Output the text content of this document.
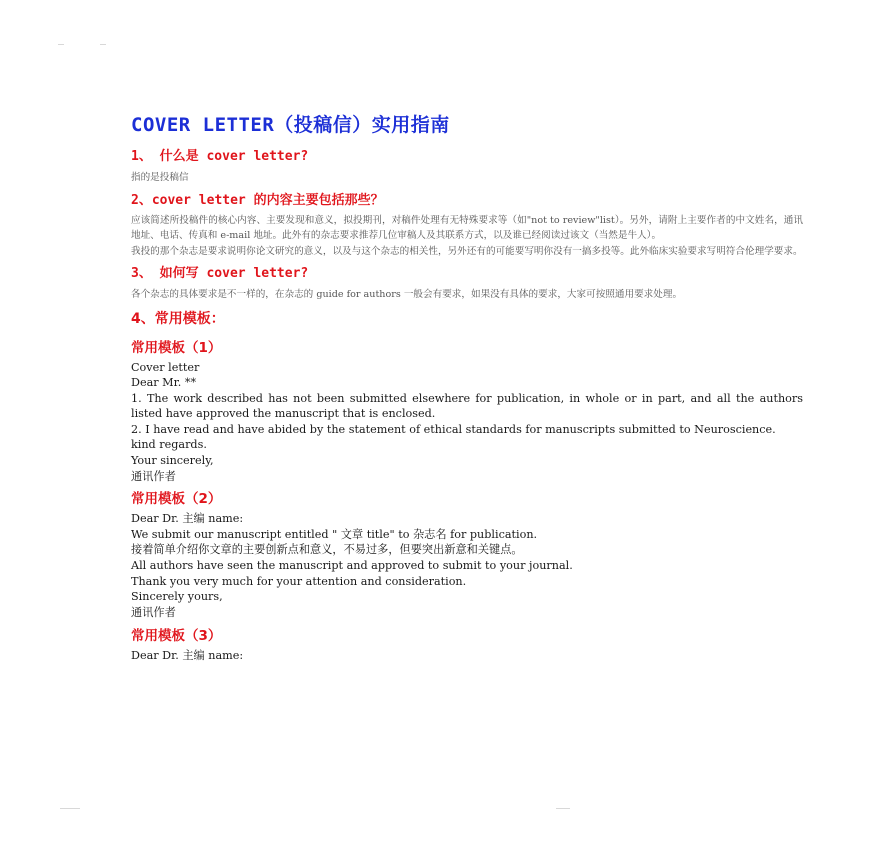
COVER LETTER（投稿信）实用指南
1、 什么是 cover letter?

指的是投稿信

2、cover letter 的内容主要包括那些？

应该简述所投稿件的核心内容、主要发现和意义，拟投期刊，对稿件处理有无特殊要求等（如"not to review"list）。另外，请附上主要作者的中文姓名，通讯地址、电话、传真和 e-mail 地址。此外有的杂志要求推荐几位审稿人及其联系方式，以及谁已经阅读过该文（当然是牛人）。

我投的那个杂志是要求说明你论文研究的意义，以及与这个杂志的相关性，另外还有的可能要写明你没有一搞多投等。此外临床实验要求写明符合伦理学要求。

3、 如何写 cover letter?

各个杂志的具体要求是不一样的，在杂志的 guide for authors 一般会有要求，如果没有具体的要求，大家可按照通用要求处理。

4、常用模板：
常用模板（1）

Cover letter

Dear Mr. **

1. The work described has not been submitted elsewhere for publication, in whole or in part, and all the authors listed have approved the manuscript that is enclosed.

2. I have read and have abided by the statement of ethical standards for manuscripts submitted to Neuroscience.

kind regards.

Your sincerely,

通讯作者

常用模板（2）

Dear Dr. 主编 name:

We submit our manuscript entitled " 文章 title" to 杂志名 for publication.

接着简单介绍你文章的主要创新点和意义，不易过多，但要突出新意和关键点。

All authors have seen the manuscript and approved to submit to your journal.

Thank you very much for your attention and consideration.

Sincerely yours,

通讯作者

常用模板（3）

Dear Dr. 主编 name:
